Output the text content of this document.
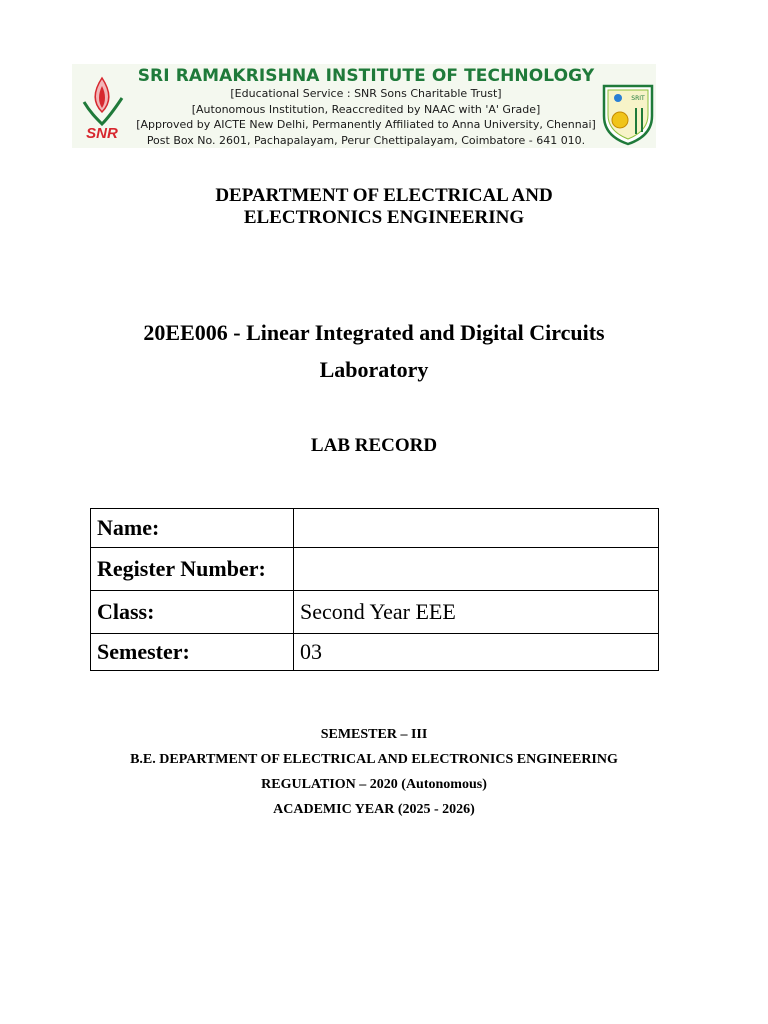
SNR
SRI RAMAKRISHNA INSTITUTE OF TECHNOLOGY
[Educational Service : SNR Sons Charitable Trust]
[Autonomous Institution, Reaccredited by NAAC with 'A' Grade]
[Approved by AICTE New Delhi, Permanently Affiliated to Anna University, Chennai]
Post Box No. 2601, Pachapalayam, Perur Chettipalayam, Coimbatore - 641 010.
SRIT
DEPARTMENT OF ELECTRICAL AND
ELECTRONICS ENGINEERING
20EE006 - Linear Integrated and Digital Circuits
Laboratory
LAB RECORD
Name:	
Register Number:	
Class:	Second Year EEE
Semester:	03
SEMESTER – III
B.E. DEPARTMENT OF ELECTRICAL AND ELECTRONICS ENGINEERING
REGULATION – 2020 (Autonomous)
ACADEMIC YEAR (2025 - 2026)
